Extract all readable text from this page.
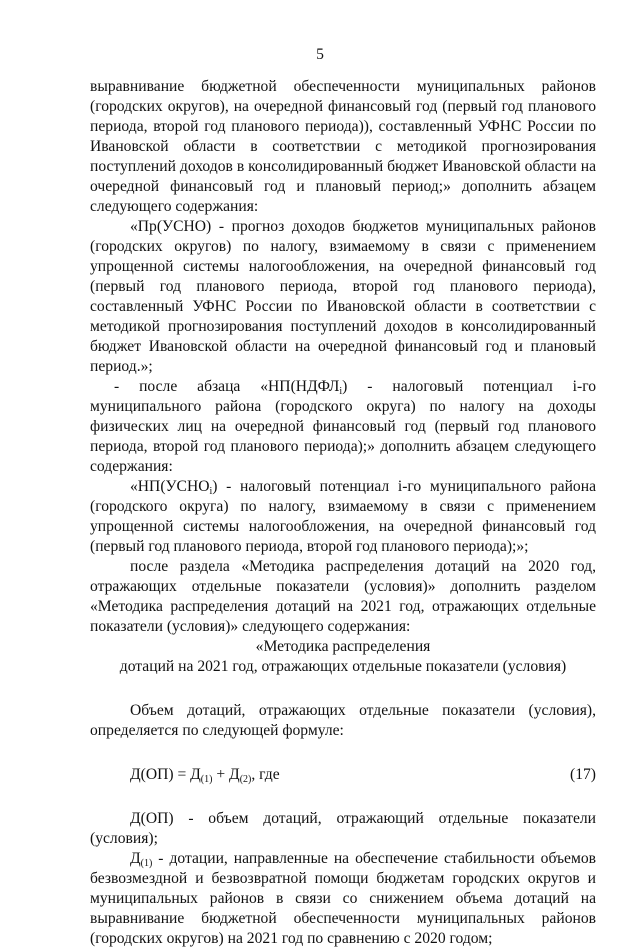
5

выравнивание бюджетной обеспеченности муниципальных районов (городских округов), на очередной финансовый год (первый год планового периода, второй год планового периода)), составленный УФНС России по Ивановской области в соответствии с методикой прогнозирования поступлений доходов в консолидированный бюджет Ивановской области на очередной финансовый год и плановый период;» дополнить абзацем следующего содержания:

«Пр(УСНО) - прогноз доходов бюджетов муниципальных районов (городских округов) по налогу, взимаемому в связи с применением упрощенной системы налогообложения, на очередной финансовый год (первый год планового периода, второй год планового периода), составленный УФНС России по Ивановской области в соответствии с методикой прогнозирования поступлений доходов в консолидированный бюджет Ивановской области на очередной финансовый год и плановый период.»;

- после абзаца «$НП(НДФЛ_i)$ - налоговый потенциал i-го муниципального района (городского округа) по налогу на доходы физических лиц на очередной финансовый год (первый год планового периода, второй год планового периода);» дополнить абзацем следующего содержания:

«$НП(УСНО_i)$ - налоговый потенциал i-го муниципального района (городского округа) по налогу, взимаемому в связи с применением упрощенной системы налогообложения, на очередной финансовый год (первый год планового периода, второй год планового периода);»;

после раздела «Методика распределения дотаций на 2020 год, отражающих отдельные показатели (условия)» дополнить разделом «Методика распределения дотаций на 2021 год, отражающих отдельные показатели (условия)» следующего содержания:

«Методика распределения

дотаций на 2021 год, отражающих отдельные показатели (условия)

Объем дотаций, отражающих отдельные показатели (условия), определяется по следующей формуле:

$Д(ОП) = Д_{(1)} + Д_{(2)}$, где	(17)

Д(ОП) - объем дотаций, отражающий отдельные показатели (условия);

$Д_{(1)}$ - дотации, направленные на обеспечение стабильности объемов безвозмездной и безвозвратной помощи бюджетам городских округов и муниципальных районов в связи со снижением объема дотаций на выравнивание бюджетной обеспеченности муниципальных районов (городских округов) на 2021 год по сравнению с 2020 годом;
